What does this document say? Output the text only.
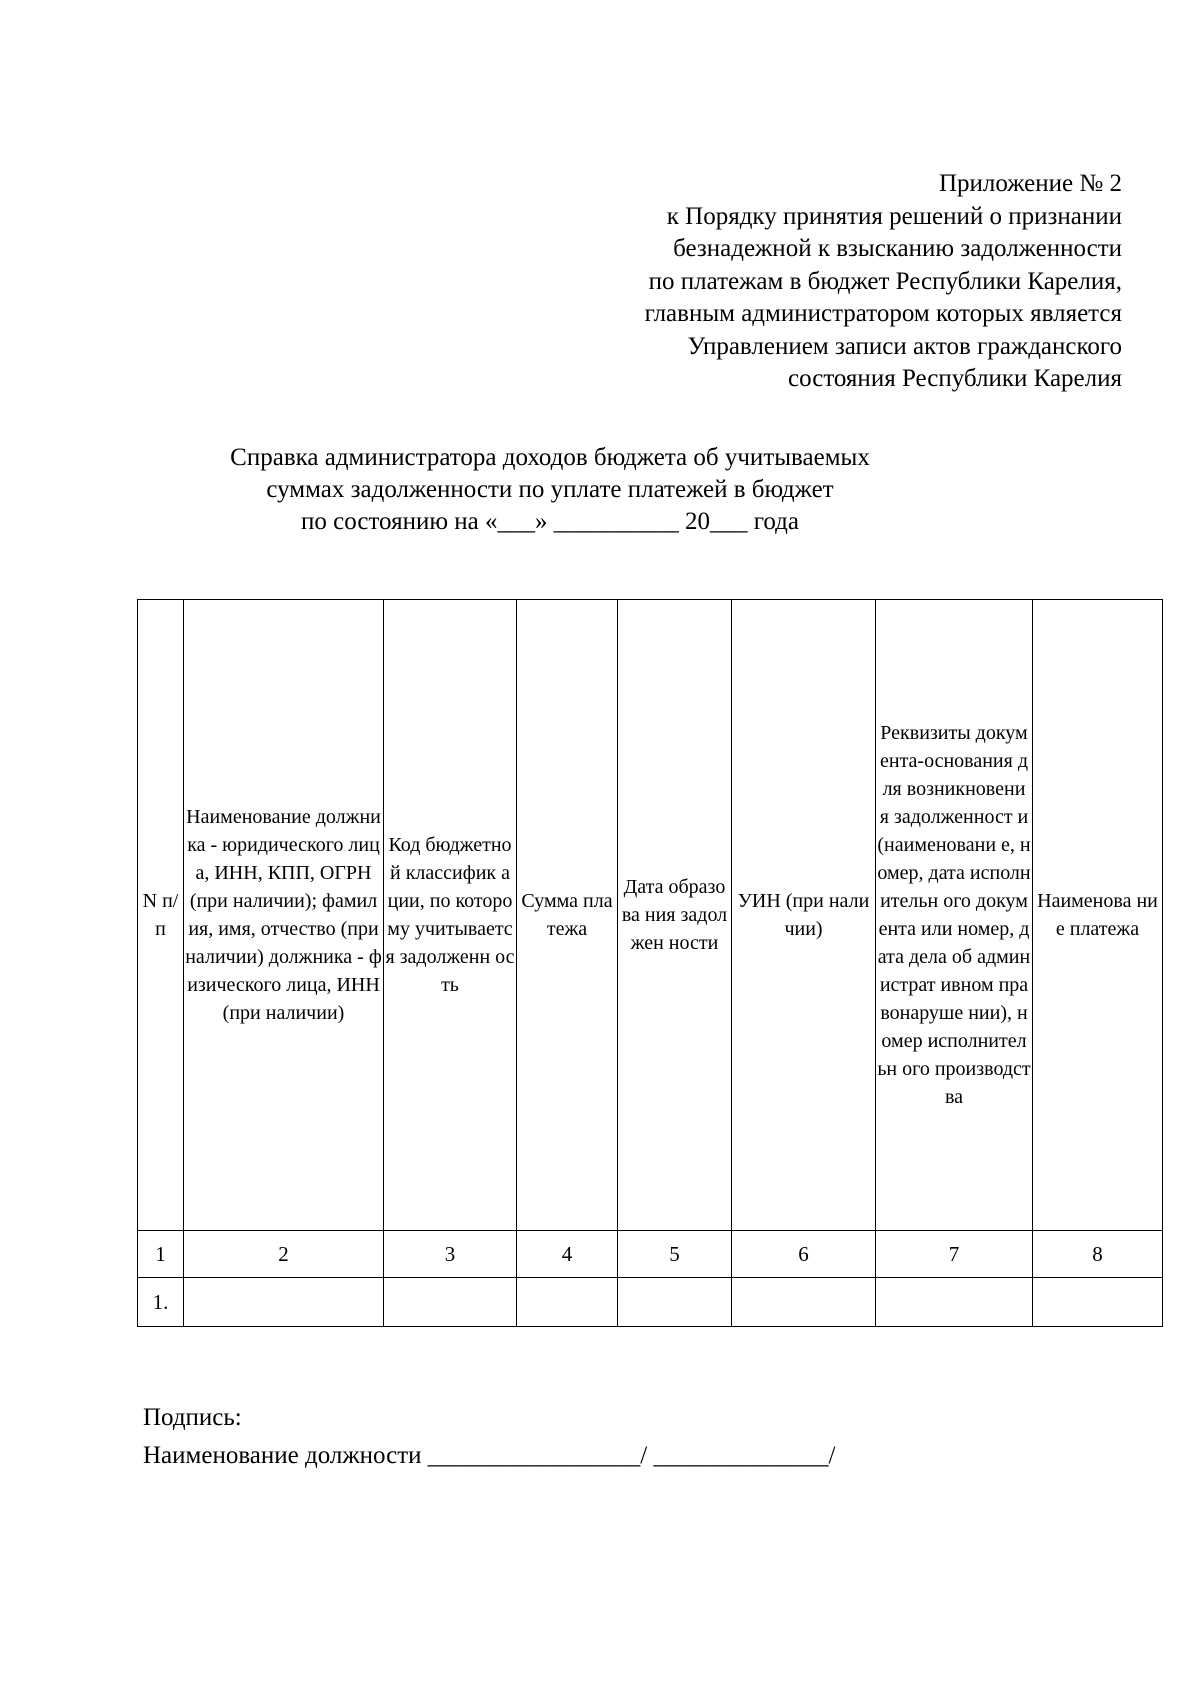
Приложение № 2
к Порядку принятия решений о признании
безнадежной к взысканию задолженности
по платежам в бюджет Республики Карелия,
главным администратором которых является
Управлением записи актов гражданского
состояния Республики Карелия
Справка администратора доходов бюджета об учитываемых
суммах задолженности по уплате платежей в бюджет
по состоянию на «___» __________ 20___ года
N п/п	Наименование должника - юридического лица, ИНН, КПП, ОГРН (при наличии); фамилия, имя, отчество (при наличии) должника - физического лица, ИНН (при наличии)	Код бюджетной классифик ации, по которому учитываетс я задолженн ость	Сумма платежа	Дата образова ния задолжен ности	УИН (при наличии)	Реквизиты документа-основания для возникновени я задолженност и (наименовани е, номер, дата исполнительн ого документа или номер, дата дела об администрат ивном правонаруше нии), номер исполнительн ого производства	Наименова ние платежа
1	2	3	4	5	6	7	8
1.							
Подпись:
Наименование должности _________________/ ______________/
